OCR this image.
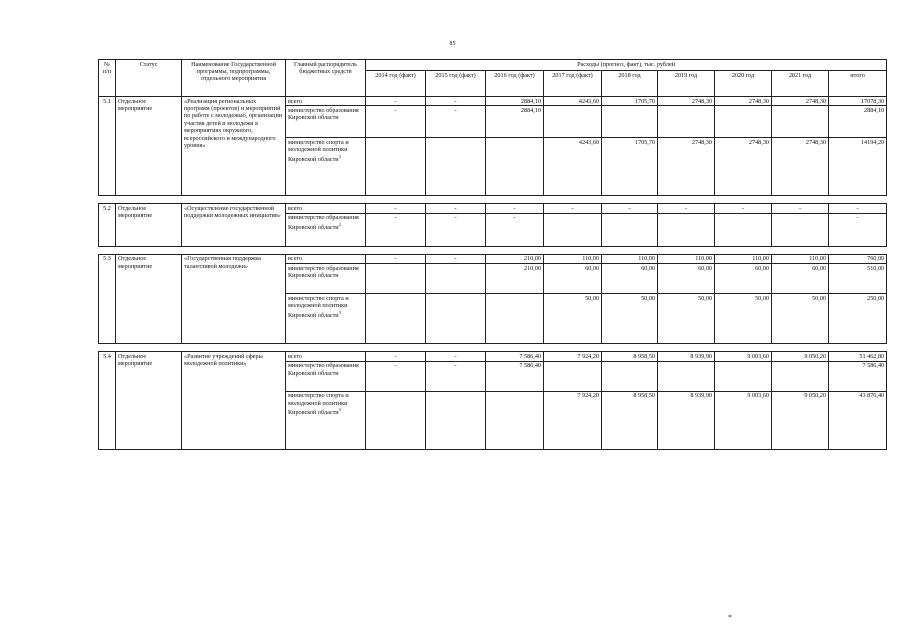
85
№ п/п	Статус	Наименование Государственной программы, подпрограммы, отдельного мероприятия	Главный распорядитель бюджетных средств	Расходы (прогноз, факт), тыс. рублей								
				2014 год (факт)	2015 год (факт)	2016 год (факт)	2017 год (факт)	2018 год	2019 год	2020 год	2021 год	итого
5.1	Отдельное мероприятие	«Реализация региональных программ (проектов) и мероприятий по работе с молодежью, организации участия детей и молодежи в мероприятиях окружного, всероссийского и международного уровня»	всего	-	-	2884,10	4243,60	1705,70	2748,30	2748,30	2748,30	17078,30
			министерство образования Кировской области	-	-	2884,10						2884,10
			министерство спорта и молодежной политики Кировской области$^3$				4243,60	1705,70	2748,30	2748,30	2748,30	14194,20

5.2	Отдельное мероприятие	«Осуществление государственной поддержки молодежных инициатив»	всего	-	-	-	-	-	-	-	-	-
			министерство образования Кировской области$^2$	-	-	-						-

5.3	Отдельное мероприятие	«Государственная поддержка талантливой молодежи»	всего	-	-	210,00	110,00	110,00	110,00	110,00	110,00	760,00
			министерство образования Кировской области			210,00	60,00	60,00	60,00	60,00	60,00	510,00
			министерство спорта и молодежной политики Кировской области$^3$				50,00	50,00	50,00	50,00	50,00	250,00

5.4	Отдельное мероприятие	«Развитие учреждений сферы молодежной политики»	всего	-	-	7 586,40	7 924,20	8 958,50	8 939,90	9 003,60	9 050,20	51 462,80
			министерство образования Кировской области	-	-	7 586,40						7 586,40
			министерство спорта и молодежной политики Кировской области$^3$				7 924,20	8 958,50	8 939,90	9 003,60	9 050,20	43 876,40
*
